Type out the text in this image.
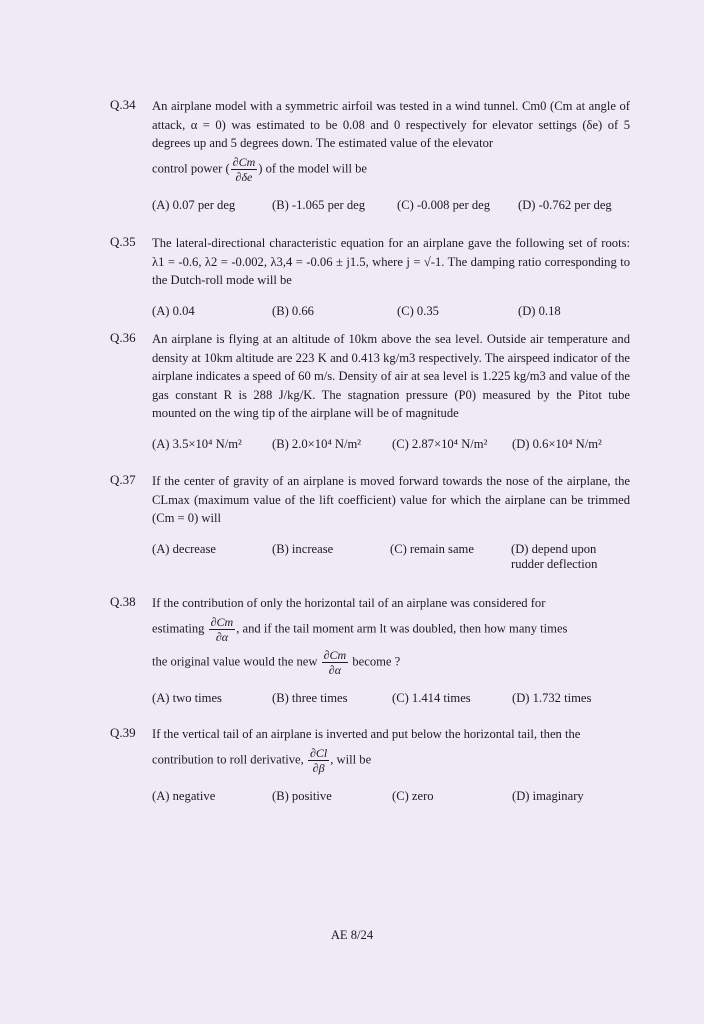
Q.34 An airplane model with a symmetric airfoil was tested in a wind tunnel. Cm0 (Cm at angle of attack, α = 0) was estimated to be 0.08 and 0 respectively for elevator settings (δe) of 5 degrees up and 5 degrees down. The estimated value of the elevator

control power ( $\frac{\partial Cm}{\partial\delta e}$ ) of the model will be

(A) 0.07 per deg	(B) -1.065 per deg	(C) -0.008 per deg (D) -0.762 per deg
Q.35 The lateral-directional characteristic equation for an airplane gave the following set of roots: λ1 = -0.6, λ2 = -0.002, λ3,4 = -0.06 ± j1.5, where j = √-1. The damping ratio corresponding to the Dutch-roll mode will be

(A) 0.04	(B) 0.66	(C) 0.35	(D) 0.18
Q.36 An airplane is flying at an altitude of 10km above the sea level. Outside air temperature and density at 10km altitude are 223 K and 0.413 kg/m3 respectively. The airspeed indicator of the airplane indicates a speed of 60 m/s. Density of air at sea level is 1.225 kg/m3 and value of the gas constant R is 288 J/kg/K. The stagnation pressure (P0) measured by the Pitot tube mounted on the wing tip of the airplane will be of magnitude

(A) 3.5×10⁴ N/m² (B) 2.0×10⁴ N/m² (C) 2.87×10⁴ N/m² (D) 0.6×10⁴ N/m²
Q.37 If the center of gravity of an airplane is moved forward towards the nose of the airplane, the CLmax (maximum value of the lift coefficient) value for which the airplane can be trimmed (Cm = 0) will

(A) decrease	(B) increase	(C) remain same	(D) depend upon
rudder deflection
Q.38 If the contribution of only the horizontal tail of an airplane was considered for

estimating $\frac{\partial Cm}{\partial\alpha}$ , and if the tail moment arm lt was doubled, then how many times

the original value would the new $\frac{\partial Cm}{\partial\alpha}$ become ?

(A) two times	(B) three times	(C) 1.414 times	(D) 1.732 times
Q.39 If the vertical tail of an airplane is inverted and put below the horizontal tail, then the

contribution to roll derivative, $\frac{\partial Cl}{\partial\beta}$ , will be

(A) negative	(B) positive	(C) zero	(D) imaginary
AE 8/24
